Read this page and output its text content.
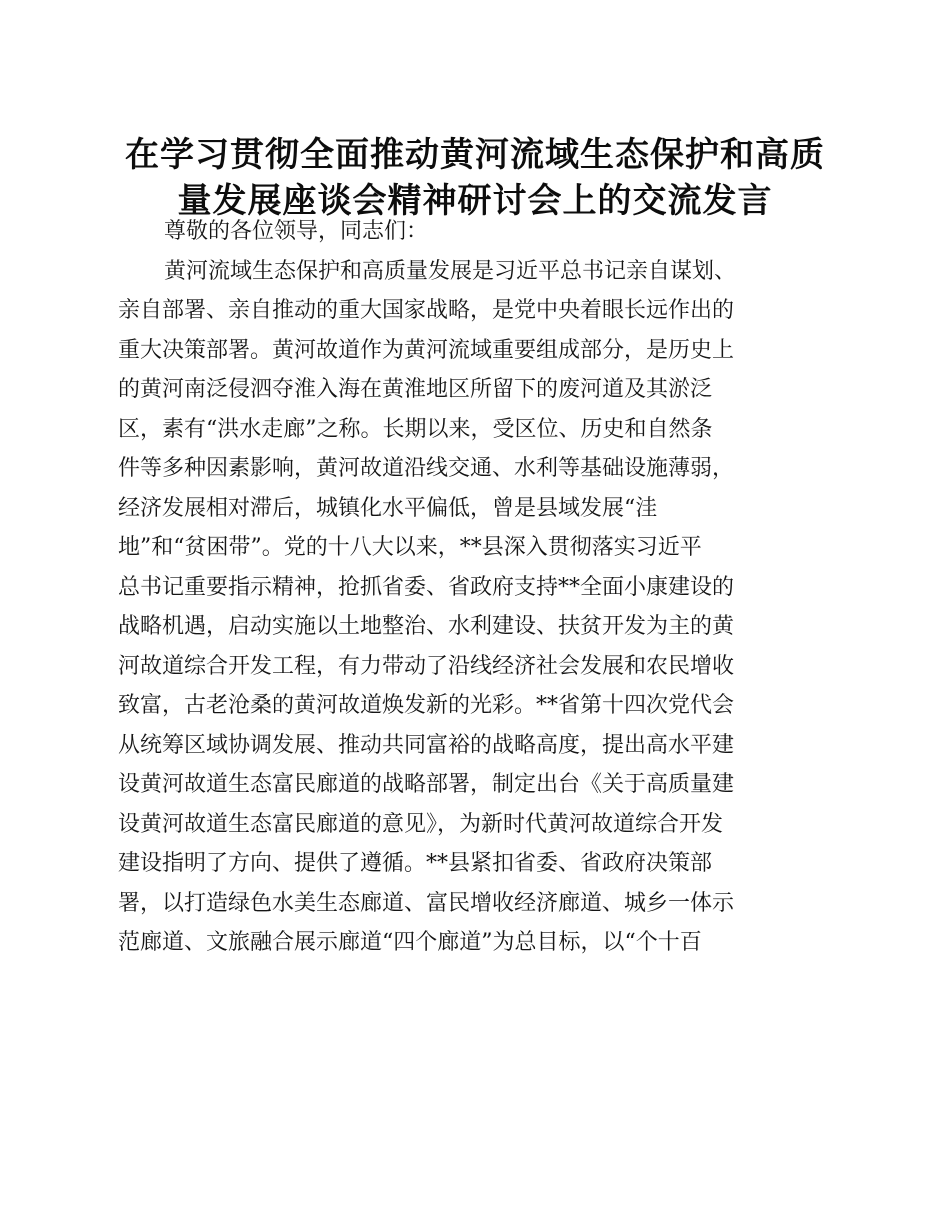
在学习贯彻全面推动黄河流域生态保护和高质
量发展座谈会精神研讨会上的交流发言
尊敬的各位领导，同志们：
黄河流域生态保护和高质量发展是习近平总书记亲自谋划、
亲自部署、亲自推动的重大国家战略，是党中央着眼长远作出的
重大决策部署。黄河故道作为黄河流域重要组成部分，是历史上
的黄河南泛侵泗夺淮入海在黄淮地区所留下的废河道及其淤泛
区，素有“洪水走廊”之称。长期以来，受区位、历史和自然条
件等多种因素影响，黄河故道沿线交通、水利等基础设施薄弱，
经济发展相对滞后，城镇化水平偏低，曾是县域发展“洼
地”和“贫困带”。党的十八大以来，**县深入贯彻落实习近平
总书记重要指示精神，抢抓省委、省政府支持**全面小康建设的
战略机遇，启动实施以土地整治、水利建设、扶贫开发为主的黄
河故道综合开发工程，有力带动了沿线经济社会发展和农民增收
致富，古老沧桑的黄河故道焕发新的光彩。**省第十四次党代会
从统筹区域协调发展、推动共同富裕的战略高度，提出高水平建
设黄河故道生态富民廊道的战略部署，制定出台《关于高质量建
设黄河故道生态富民廊道的意见》，为新时代黄河故道综合开发
建设指明了方向、提供了遵循。**县紧扣省委、省政府决策部
署，以打造绿色水美生态廊道、富民增收经济廊道、城乡一体示
范廊道、文旅融合展示廊道“四个廊道”为总目标，以“个十百
